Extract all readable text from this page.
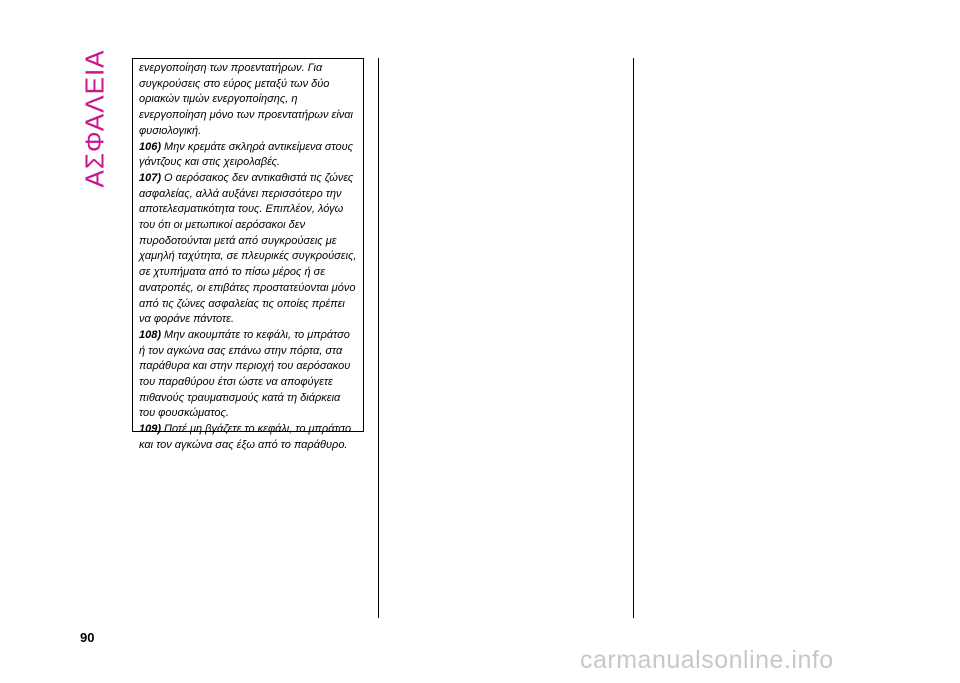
ΑΣΦΑΛΕΙΑ	ενεργοποίηση των προεντατήρων. Για συγκρούσεις στο εύρος μεταξύ των δύο οριακών τιμών ενεργοποίησης, η ενεργοποίηση μόνο των προεντατήρων είναι φυσιολογική.

106) Μην κρεμάτε σκληρά αντικείμενα στους γάντζους και στις χειρολαβές.

107) Ο αερόσακος δεν αντικαθιστά τις ζώνες ασφαλείας, αλλά αυξάνει περισσότερο την αποτελεσματικότητα τους. Επιπλέον, λόγω του ότι οι μετωπικοί αερόσακοι δεν πυροδοτούνται μετά από συγκρούσεις με χαμηλή ταχύτητα, σε πλευρικές συγκρούσεις, σε χτυπήματα από το πίσω μέρος ή σε ανατροπές, οι επιβάτες προστατεύονται μόνο από τις ζώνες ασφαλείας τις οποίες πρέπει να φοράνε πάντοτε.

108) Μην ακουμπάτε το κεφάλι, το μπράτσο ή τον αγκώνα σας επάνω στην πόρτα, στα παράθυρα και στην περιοχή του αερόσακου του παραθύρου έτσι ώστε να αποφύγετε πιθανούς τραυματισμούς κατά τη διάρκεια του φουσκώματος.

109) Ποτέ μη βγάζετε το κεφάλι, το μπράτσο και τον αγκώνα σας έξω από το παράθυρο.

90
carmanualsonline.info
